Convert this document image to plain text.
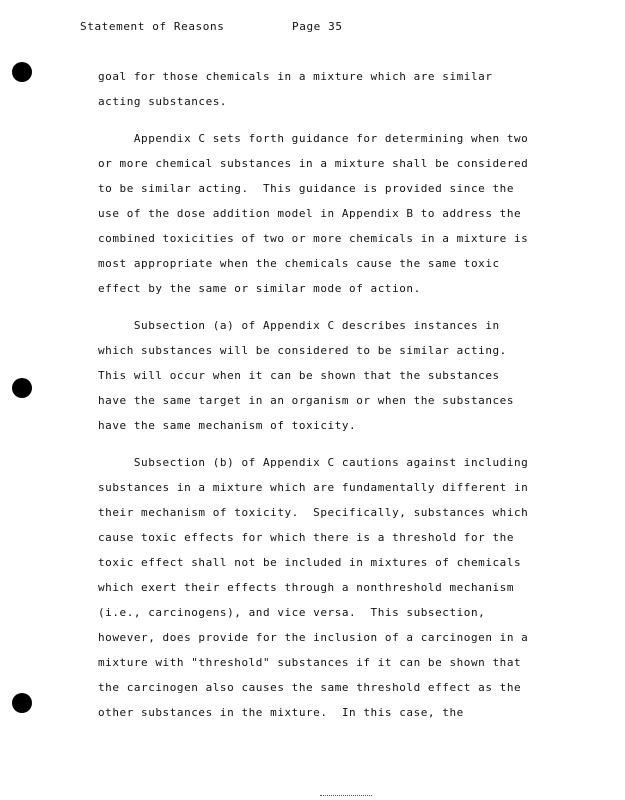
Statement of Reasons

	Page 35

goal for those chemicals in a mixture which are similar
acting substances.
Appendix C sets forth guidance for determining when two
or more chemical substances in a mixture shall be considered
to be similar acting.  This guidance is provided since the
use of the dose addition model in Appendix B to address the
combined toxicities of two or more chemicals in a mixture is
most appropriate when the chemicals cause the same toxic
effect by the same or similar mode of action.
Subsection (a) of Appendix C describes instances in
which substances will be considered to be similar acting.
This will occur when it can be shown that the substances
have the same target in an organism or when the substances
have the same mechanism of toxicity.
Subsection (b) of Appendix C cautions against including
substances in a mixture which are fundamentally different in
their mechanism of toxicity.  Specifically, substances which
cause toxic effects for which there is a threshold for the
toxic effect shall not be included in mixtures of chemicals
which exert their effects through a nonthreshold mechanism
(i.e., carcinogens), and vice versa.  This subsection,
however, does provide for the inclusion of a carcinogen in a
mixture with "threshold" substances if it can be shown that
the carcinogen also causes the same threshold effect as the
other substances in the mixture.  In this case, the
